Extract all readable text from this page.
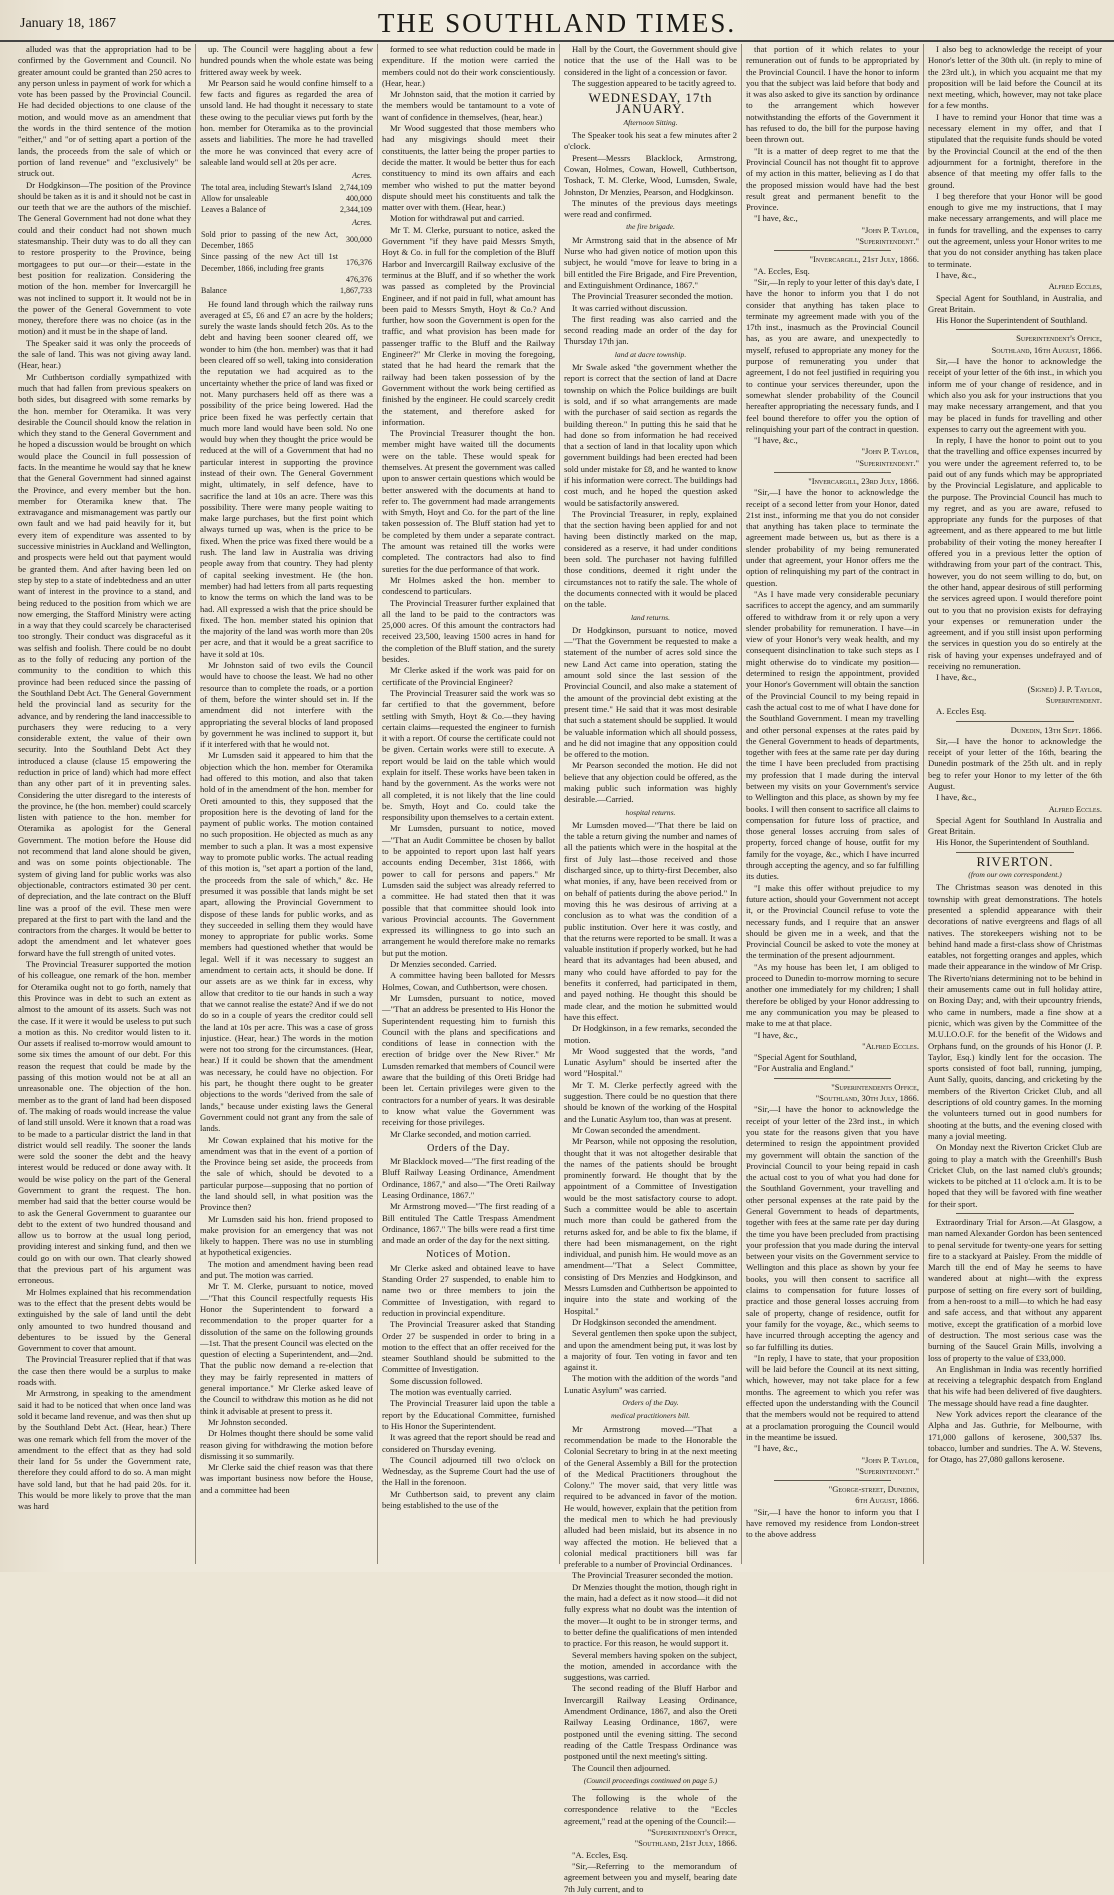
January 18, 1867	THE SOUTHLAND TIMES.

alluded was that the appropriation had to be confirmed by the Government and Council. No greater amount could be granted than 250 acres to any person unless in payment of work for which a vote has been passed by the Provincial Council. He had decided objections to one clause of the motion, and would move as an amendment that the words in the third sentence of the motion "either," and "or of setting apart a portion of the lands, the proceeds from the sale of which or portion of land revenue" and "exclusively" be struck out.

Dr Hodgkinson—The position of the Province should be taken as it is and it should not be cast in our teeth that we are the authors of the mischief. The General Government had not done what they could and their conduct had not shown much statesmanship. Their duty was to do all they can to restore prosperity to the Province, being mortgagees to put our—or their—estate in the best position for realization. Considering the motion of the hon. member for Invercargill he was not inclined to support it. It would not be in the power of the General Government to vote money, therefore there was no choice (as in the motion) and it must be in the shape of land.

The Speaker said it was only the proceeds of the sale of land. This was not giving away land. (Hear, hear.)

Mr Cuthbertson cordially sympathized with much that had fallen from previous speakers on both sides, but disagreed with some remarks by the hon. member for Oteramika. It was very desirable the Council should know the relation in which they stand to the General Government and he hoped a discussion would be brought on which would place the Council in full possession of facts. In the meantime he would say that he knew that the General Government had sinned against the Province, and every member but the hon. member for Oteramika knew that. The extravagance and mismanagement was partly our own fault and we had paid heavily for it, but every item of expenditure was assented to by successive ministries in Auckland and Wellington, and prospects were held out that payment would be granted them. And after having been led on step by step to a state of indebtedness and an utter want of interest in the province to a stand, and being reduced to the position from which we are now emerging, the Stafford Ministry were acting in a way that they could scarcely be characterised too strongly. Their conduct was disgraceful as it was selfish and foolish. There could be no doubt as to the folly of reducing any portion of the community to the condition to which this province had been reduced since the passing of the Southland Debt Act. The General Government held the provincial land as security for the advance, and by rendering the land inaccessible to purchasers they were reducing to a very considerable extent, the value of their own security. Into the Southland Debt Act they introduced a clause (clause 15 empowering the reduction in price of land) which had more effect than any other part of it in preventing sales. Considering the utter disregard to the interests of the province, he (the hon. member) could scarcely listen with patience to the hon. member for Oteramika as apologist for the General Government. The motion before the House did not recommend that land alone should be given, and was on some points objectionable. The system of giving land for public works was also objectionable, contractors estimated 30 per cent. of depreciation, and the late contract on the Bluff line was a proof of the evil. These men were prepared at the first to part with the land and the contractors from the charges. It would be better to adopt the amendment and let whatever goes forward have the full strength of united votes.

The Provincial Treasurer supported the motion of his colleague, one remark of the hon. member for Oteramika ought not to go forth, namely that this Province was in debt to such an extent as almost to the amount of its assets. Such was not the case. If it were it would be useless to put such a motion as this. No creditor would listen to it. Our assets if realised to-morrow would amount to some six times the amount of our debt. For this reason the request that could be made by the passing of this motion would not be at all an unreasonable one. The objection of the hon. member as to the grant of land had been disposed of. The making of roads would increase the value of land still unsold. Were it known that a road was to be made to a particular district the land in that district would sell readily. The sooner the lands were sold the sooner the debt and the heavy interest would be reduced or done away with. It would be wise policy on the part of the General Government to grant the request. The hon. member had said that the better course would be to ask the General Government to guarantee our debt to the extent of two hundred thousand and allow us to borrow at the usual long period, providing interest and sinking fund, and then we could go on with our own. That clearly showed that the previous part of his argument was erroneous.

Mr Holmes explained that his recommendation was to the effect that the present debts would be extinguished by the sale of land until the debt only amounted to two hundred thousand and debentures to be issued by the General Government to cover that amount.

The Provincial Treasurer replied that if that was the case then there would be a surplus to make roads with.

Mr Armstrong, in speaking to the amendment said it had to be noticed that when once land was sold it became land revenue, and was then shut up by the Southland Debt Act. (Hear, hear.) There was one remark which fell from the mover of the amendment to the effect that as they had sold their land for 5s under the Government rate, therefore they could afford to do so. A man might have sold land, but that he had paid 20s. for it. This would be more likely to prove that the man was hard

up. The Council were haggling about a few hundred pounds when the whole estate was being frittered away week by week.

Mr Pearson said he would confine himself to a few facts and figures as regarded the area of unsold land. He had thought it necessary to state these owing to the peculiar views put forth by the hon. member for Oteramika as to the provincial assets and liabilities. The more he had travelled the more he was convinced that every acre of saleable land would sell at 20s per acre.

	Acres.
The total area, including Stewart's Island	2,744,109
Allow for unsaleable	400,000
Leaves a Balance of	2,344,109
	Acres.
Sold prior to passing of the new Act, December, 1865	300,000
Since passing of the new Act till 1st December, 1866, including free grants	176,376
	476,376
Balance	1,867,733

He found land through which the railway runs averaged at £5, £6 and £7 an acre by the holders; surely the waste lands should fetch 20s. As to the debt and having been sooner cleared off, we wonder to him (the hon. member) was that it had been cleared off so well, taking into consideration the reputation we had acquired as to the uncertainty whether the price of land was fixed or not. Many purchasers held off as there was a possibility of the price being lowered. Had the price been fixed he was perfectly certain that much more land would have been sold. No one would buy when they thought the price would be reduced at the will of a Government that had no particular interest in supporting the province instead of their own. The General Government might, ultimately, in self defence, have to sacrifice the land at 10s an acre. There was this possibility. There were many people waiting to make large purchases, but the first point which always turned up was, when is the price to be fixed. When the price was fixed there would be a rush. The land law in Australia was driving people away from that country. They had plenty of capital seeking investment. He (the hon. member) had had letters from all parts requesting to know the terms on which the land was to be had. All expressed a wish that the price should be fixed. The hon. member stated his opinion that the majority of the land was worth more than 20s per acre, and that it would be a great sacrifice to have it sold at 10s.

Mr Johnston said of two evils the Council would have to choose the least. We had no other resource than to complete the roads, or a portion of them, before the winter should set in. If the amendment did not interfere with the appropriating the several blocks of land proposed by government he was inclined to support it, but if it interfered with that he would not.

Mr Lumsden said it appeared to him that the objection which the hon. member for Oteramika had offered to this motion, and also that taken hold of in the amendment of the hon. member for Oreti amounted to this, they supposed that the proposition here is the devoting of land for the payment of public works. The motion contained no such proposition. He objected as much as any member to such a plan. It was a most expensive way to promote public works. The actual reading of this motion is, "set apart a portion of the land, the proceeds from the sale of which," &c. He presumed it was possible that lands might be set apart, allowing the Provincial Government to dispose of these lands for public works, and as they succeeded in selling them they would have money to appropriate for public works. Some members had questioned whether that would be legal. Well if it was necessary to suggest an amendment to certain acts, it should be done. If our assets are as we think far in excess, why allow that creditor to tie our hands in such a way that we cannot realise the estate? And if we do not do so in a couple of years the creditor could sell the land at 10s per acre. This was a case of gross injustice. (Hear, hear.) The words in the motion were not too strong for the circumstances. (Hear, hear.) If it could be shown that the amendment was necessary, he could have no objection. For his part, he thought there ought to be greater objections to the words "derived from the sale of lands," because under existing laws the General Government could not grant any from the sale of lands.

Mr Cowan explained that his motive for the amendment was that in the event of a portion of the Province being set aside, the proceeds from the sale of which, should be devoted to a particular purpose—supposing that no portion of the land should sell, in what position was the Province then?

Mr Lumsden said his hon. friend proposed to make provision for an emergency that was not likely to happen. There was no use in stumbling at hypothetical exigencies.

The motion and amendment having been read and put. The motion was carried.

Mr T. M. Clerke, pursuant to notice, moved—"That this Council respectfully requests His Honor the Superintendent to forward a recommendation to the proper quarter for a dissolution of the same on the following grounds—1st. That the present Council was elected on the question of electing a Superintendent, and—2nd. That the public now demand a re-election that they may be fairly represented in matters of general importance." Mr Clerke asked leave of the Council to withdraw this motion as he did not think it advisable at present to press it.

Mr Johnston seconded.

Dr Holmes thought there should be some valid reason giving for withdrawing the motion before dismissing it so summarily.

Mr Clerke said the chief reason was that there was important business now before the House, and a committee had been

formed to see what reduction could be made in expenditure. If the motion were carried the members could not do their work conscientiously. (Hear, hear.)

Mr Johnston said, that the motion it carried by the members would be tantamount to a vote of want of confidence in themselves, (hear, hear.)

Mr Wood suggested that those members who had any misgivings should meet their constituents, the latter being the proper parties to decide the matter. It would be better thus for each constituency to mind its own affairs and each member who wished to put the matter beyond dispute should meet his constituents and talk the matter over with them. (Hear, hear.)

Motion for withdrawal put and carried.

Mr T. M. Clerke, pursuant to notice, asked the Government "if they have paid Messrs Smyth, Hoyt & Co. in full for the completion of the Bluff Harbor and Invercargill Railway exclusive of the terminus at the Bluff, and if so whether the work was passed as completed by the Provincial Engineer, and if not paid in full, what amount has been paid to Messrs Smyth, Hoyt & Co.? And further, how soon the Government is open for the traffic, and what provision has been made for passenger traffic to the Bluff and the Railway Engineer?" Mr Clerke in moving the foregoing, stated that he had heard the remark that the railway had been taken possession of by the Government without the work being certified as finished by the engineer. He could scarcely credit the statement, and therefore asked for information.

The Provincial Treasurer thought the hon. member might have waited till the documents were on the table. These would speak for themselves. At present the government was called upon to answer certain questions which would be better answered with the documents at hand to refer to. The government had made arrangements with Smyth, Hoyt and Co. for the part of the line taken possession of. The Bluff station had yet to be completed by them under a separate contract. The amount was retained till the works were completed. The contractors had also to find sureties for the due performance of that work.

Mr Holmes asked the hon. member to condescend to particulars.

The Provincial Treasurer further explained that all the land to be paid to the contractors was 25,000 acres. Of this amount the contractors had received 23,500, leaving 1500 acres in hand for the completion of the Bluff station, and the surety besides.

Mr Clerke asked if the work was paid for on certificate of the Provincial Engineer?

The Provincial Treasurer said the work was so far certified to that the government, before settling with Smyth, Hoyt & Co.—they having certain claims—requested the engineer to furnish it with a report. Of course the certificate could not be given. Certain works were still to execute. A report would be laid on the table which would explain for itself. These works have been taken in hand by the government. As the works were not all completed, it is not likely that the line could be. Smyth, Hoyt and Co. could take the responsibility upon themselves to a certain extent.

Mr Lumsden, pursuant to notice, moved —"That an Audit Committee be chosen by ballot to be appointed to report upon last half years accounts ending December, 31st 1866, with power to call for persons and papers." Mr Lumsden said the subject was already referred to a committee. He had stated then that it was possible that that committee should look into various Provincial accounts. The Government expressed its willingness to go into such an arrangement he would therefore make no remarks but put the motion.

Dr Menzies seconded. Carried.

A committee having been balloted for Messrs Holmes, Cowan, and Cuthbertson, were chosen.

Mr Lumsden, pursuant to notice, moved —"That an address be presented to His Honor the Superintendent requesting him to furnish this Council with the plans and specifications and conditions of lease in connection with the erection of bridge over the New River." Mr Lumsden remarked that members of Council were aware that the building of this Oreti Bridge had been let. Certain privileges were given to the contractors for a number of years. It was desirable to know what value the Government was receiving for those privileges.

Mr Clarke seconded, and motion carried.

Orders of the Day.

Mr Blacklock moved—"The first reading of the Bluff Railway Leasing Ordinance, Amendment Ordinance, 1867," and also—"The Oreti Railway Leasing Ordinance, 1867."

Mr Armstrong moved—"The first reading of a Bill entituled The Cattle Trespass Amendment Ordinance, 1867." The bills were read a first time and made an order of the day for the next sitting.

Notices of Motion.

Mr Clerke asked and obtained leave to have Standing Order 27 suspended, to enable him to name two or three members to join the Committee of Investigation, with regard to reduction in provincial expenditure.

The Provincial Treasurer asked that Standing Order 27 be suspended in order to bring in a motion to the effect that an offer received for the steamer Southland should be submitted to the Committee of Investigation.

Some discussion followed.

The motion was eventually carried.

The Provincial Treasurer laid upon the table a report by the Educational Committee, furnished to His Honor the Superintendent.

It was agreed that the report should be read and considered on Thursday evening.

The Council adjourned till two o'clock on Wednesday, as the Supreme Court had the use of the Hall in the forenoon.

Mr Cuthbertson said, to prevent any claim being established to the use of the

Hall by the Court, the Government should give notice that the use of the Hall was to be considered in the light of a concession or favor.

The suggestion appeared to be tacitly agreed to.

WEDNESDAY, 17th JANUARY.

Afternoon Sitting.

The Speaker took his seat a few minutes after 2 o'clock.

Present—Messrs Blacklock, Armstrong, Cowan, Holmes, Cowan, Howell, Cuthbertson, Toshack, T. M. Clerke, Wood, Lumsden, Swale, Johnston, Dr Menzies, Pearson, and Hodgkinson.

The minutes of the previous days meetings were read and confirmed.

the fire brigade.

Mr Armstrong said that in the absence of Mr Nurse who had given notice of motion upon this subject, he would "move for leave to bring in a bill entitled the Fire Brigade, and Fire Prevention, and Extinguishment Ordinance, 1867."

The Provincial Treasurer seconded the motion.

It was carried without discussion.

The first reading was also carried and the second reading made an order of the day for Thursday 17th jan.

land at dacre township.

Mr Swale asked "the government whether the report is correct that the section of land at Dacre township on which the Police buildings are built is sold, and if so what arrangements are made with the purchaser of said section as regards the building thereon." In putting this he said that he had done so from information he had received that a section of land in that locality upon which government buildings had been erected had been sold under mistake for £8, and he wanted to know if his information were correct. The buildings had cost much, and he hoped the question asked would be satisfactorily answered.

The Provincial Treasurer, in reply, explained that the section having been applied for and not having been distinctly marked on the map, considered as a reserve, it had under conditions been sold. The purchaser not having fulfilled those conditions, deemed it right under the circumstances not to ratify the sale. The whole of the documents connected with it would be placed on the table.

land returns.

Dr Hodgkinson, pursuant to notice, moved—"That the Government be requested to make a statement of the number of acres sold since the new Land Act came into operation, stating the amount sold since the last session of the Provincial Council, and also make a statement of the amount of the provincial debt existing at the present time." He said that it was most desirable that such a statement should be supplied. It would be valuable information which all should possess, and he did not imagine that any opposition could be offered to the motion.

Mr Pearson seconded the motion. He did not believe that any objection could be offered, as the making public such information was highly desirable.—Carried.

hospital returns.

Mr Lumsden moved—"That there be laid on the table a return giving the number and names of all the patients which were in the hospital at the first of July last—those received and those discharged since, up to thirty-first December, also what monies, if any, have been received from or on behalf of patients during the above period." In moving this he was desirous of arriving at a conclusion as to what was the condition of a public institution. Over here it was costly, and that the returns were reported to be small. It was a valuable institution if properly worked, but he had heard that its advantages had been abused, and many who could have afforded to pay for the benefits it conferred, had participated in them, and payed nothing. He thought this should be made clear, and the motion he submitted would have this effect.

Dr Hodgkinson, in a few remarks, seconded the motion.

Mr Wood suggested that the words, "and Lunatic Asylum" should be inserted after the word "Hospital."

Mr T. M. Clerke perfectly agreed with the suggestion. There could be no question that there should be known of the working of the Hospital and the Lunatic Asylum too, than was at present.

Mr Cowan seconded the amendment.

Mr Pearson, while not opposing the resolution, thought that it was not altogether desirable that the names of the patients should be brought prominently forward. He thought that by the appointment of a Committee of Investigation would be the most satisfactory course to adopt. Such a committee would be able to ascertain much more than could be gathered from the returns asked for, and be able to fix the blame, if there had been mismanagement, on the right individual, and punish him. He would move as an amendment—"That a Select Committee, consisting of Drs Menzies and Hodgkinson, and Messrs Lumsden and Cuthbertson be appointed to inquire into the state and working of the Hospital."

Dr Hodgkinson seconded the amendment.

Several gentlemen then spoke upon the subject, and upon the amendment being put, it was lost by a majority of four. Ten voting in favor and ten against it.

The motion with the addition of the words "and Lunatic Asylum" was carried.

Orders of the Day.

medical practitioners bill.

Mr Armstrong moved—"That a recommendation be made to the Honorable the Colonial Secretary to bring in at the next meeting of the General Assembly a Bill for the protection of the Medical Practitioners throughout the Colony." The mover said, that very little was required to be advanced in favor of the motion. He would, however, explain that the petition from the medical men to which he had previously alluded had been mislaid, but its absence in no way affected the motion. He believed that a colonial medical practitioners bill was far preferable to a number of Provincial Ordinances.

The Provincial Treasurer seconded the motion.

Dr Menzies thought the motion, though right in the main, had a defect as it now stood—it did not fully express what no doubt was the intention of the mover—It ought to be in stronger terms, and to better define the qualifications of men intended to practice. For this reason, he would support it.

Several members having spoken on the subject, the motion, amended in accordance with the suggestions, was carried.

The second reading of the Bluff Harbor and Invercargill Railway Leasing Ordinance, Amendment Ordinance, 1867, and also the Oreti Railway Leasing Ordinance, 1867, were postponed until the evening sitting. The second reading of the Cattle Trespass Ordinance was postponed until the next meeting's sitting.

The Council then adjourned.

(Council proceedings continued on page 5.)

The following is the whole of the correspondence relative to the "Eccles agreement," read at the opening of the Council:—

"Superintendent's Office,

"Southland, 21st July, 1866.

"A. Eccles, Esq.

"Sir,—Referring to the memorandum of agreement between you and myself, bearing date 7th July current, and to

that portion of it which relates to your remuneration out of funds to be appropriated by the Provincial Council. I have the honor to inform you that the subject was laid before that body and it was also asked to give its sanction by ordinance to the arrangement which however notwithstanding the efforts of the Government it has refused to do, the bill for the purpose having been thrown out.

"It is a matter of deep regret to me that the Provincial Council has not thought fit to approve of my action in this matter, believing as I do that the proposed mission would have had the best result great and permanent benefit to the Province.

"I have, &c.,

"John P. Taylor,

"Superintendent."

"Invercargill, 21st July, 1866.

"A. Eccles, Esq.

"Sir,—In reply to your letter of this day's date, I have the honor to inform you that I do not consider that anything has taken place to terminate my agreement made with you of the 17th inst., inasmuch as the Provincial Council has, as you are aware, and unexpectedly to myself, refused to appropriate any money for the purpose of remunerating you under that agreement, I do not feel justified in requiring you to continue your services thereunder, upon the somewhat slender probability of the Council hereafter appropriating the necessary funds, and I feel bound therefore to offer you the option of relinquishing your part of the contract in question.

"I have, &c.,

"John P. Taylor,

"Superintendent."

"Invercargill, 23rd July, 1866.

"Sir,—I have the honor to acknowledge the receipt of a second letter from your Honor, dated 21st inst., informing me that you do not consider that anything has taken place to terminate the agreement made between us, but as there is a slender probability of my being remunerated under that agreement, your Honor offers me the option of relinquishing my part of the contract in question.

"As I have made very considerable pecuniary sacrifices to accept the agency, and am summarily offered to withdraw from it or rely upon a very slender probability for remuneration. I have—in view of your Honor's very weak health, and my consequent disinclination to take such steps as I might otherwise do to vindicate my position—determined to resign the appointment, provided your Honor's Government will obtain the sanction of the Provincial Council to my being repaid in cash the actual cost to me of what I have done for the Southland Government. I mean my travelling and other personal expenses at the rates paid by the General Government to heads of departments, together with fees at the same rate per day during the time I have been precluded from practising my profession that I made during the interval between my visits on your Government's service to Wellington and this place, as shown by my fee books. I will then consent to sacrifice all claims to compensation for future loss of practice, and those general losses accruing from sales of property, forced change of house, outfit for my family for the voyage, &c., which I have incurred through accepting the agency, and so far fulfilling its duties.

"I make this offer without prejudice to my future action, should your Government not accept it, or the Provincial Council refuse to vote the necessary funds, and I require that an answer should be given me in a week, and that the Provincial Council be asked to vote the money at the termination of the present adjournment.

"As my house has been let, I am obliged to proceed to Dunedin to-morrow morning to secure another one immediately for my children; I shall therefore be obliged by your Honor addressing to me any communication you may be pleased to make to me at that place.

"I have, &c.,

"Alfred Eccles.

"Special Agent for Southland,

"For Australia and England."

"Superintendents Office,

"Southland, 30th July, 1866.

"Sir,—I have the honor to acknowledge the receipt of your letter of the 23rd inst., in which you state for the reasons given that you have determined to resign the appointment provided my government will obtain the sanction of the Provincial Council to your being repaid in cash the actual cost to you of what you had done for the Southland Government, your travelling and other personal expenses at the rate paid by the General Government to heads of departments, together with fees at the same rate per day during the time you have been precluded from practising your profession that you made during the interval between your visits on the Government service to Wellington and this place as shown by your fee books, you will then consent to sacrifice all claims to compensation for future losses of practice and those general losses accruing from sale of property, change of residence, outfit for your family for the voyage, &c., which seems to have incurred through accepting the agency and so far fulfilling its duties.

"In reply, I have to state, that your proposition will be laid before the Council at its next sitting, which, however, may not take place for a few months. The agreement to which you refer was effected upon the understanding with the Council that the members would not be required to attend at a proclamation proroguing the Council would in the meantime be issued.

"I have, &c.,

"John P. Taylor,

"Superintendent."

"George-street, Dunedin,

6th August, 1866.

"Sir,—I have the honor to inform you that I have removed my residence from London-street to the above address

I also beg to acknowledge the receipt of your Honor's letter of the 30th ult. (in reply to mine of the 23rd ult.), in which you acquaint me that my proposition will be laid before the Council at its next meeting, which, however, may not take place for a few months.

I have to remind your Honor that time was a necessary element in my offer, and that I stipulated that the requisite funds should be voted by the Provincial Council at the end of the then adjournment for a fortnight, therefore in the absence of that meeting my offer falls to the ground.

I beg therefore that your Honor will be good enough to give me my instructions, that I may make necessary arrangements, and will place me in funds for travelling, and the expenses to carry out the agreement, unless your Honor writes to me that you do not consider anything has taken place to terminate.

I have, &c.,

Alfred Eccles,

Special Agent for Southland, in Australia, and Great Britain.

His Honor the Superintendent of Southland.

Superintendent's Office,

Southland, 16th August, 1866.

Sir,—I have the honor to acknowledge the receipt of your letter of the 6th inst., in which you inform me of your change of residence, and in which also you ask for your instructions that you may make necessary arrangement, and that you may be placed in funds for travelling and other expenses to carry out the agreement with you.

In reply, I have the honor to point out to you that the travelling and office expenses incurred by you were under the agreement referred to, to be paid out of any funds which may be appropriated by the Provincial Legislature, and applicable to the purpose. The Provincial Council has much to my regret, and as you are aware, refused to appropriate any funds for the purposes of that agreement, and as there appeared to me but little probability of their voting the money hereafter I offered you in a previous letter the option of withdrawing from your part of the contract. This, however, you do not seem willing to do, but, on the other hand, appear desirous of still performing the services agreed upon. I would therefore point out to you that no provision exists for defraying your expenses or remuneration under the agreement, and if you still insist upon performing the services in question you do so entirely at the risk of having your expenses undefrayed and of receiving no remuneration.

I have, &c.,

(Signed) J. P. Taylor,

Superintendent.

A. Eccles Esq.

Dunedin, 13th Sept. 1866.

Sir,—I have the honor to acknowledge the receipt of your letter of the 16th, bearing the Dunedin postmark of the 25th ult. and in reply beg to refer your Honor to my letter of the 6th August.

I have, &c.,

Alfred Eccles.

Special Agent for Southland In Australia and Great Britain.

His Honor, the Superintendent of Southland.

RIVERTON.

(from our own correspondent.)

The Christmas season was denoted in this township with great demonstrations. The hotels presented a splendid appearance with their decorations of native evergreens and flags of all natives. The storekeepers wishing not to be behind hand made a first-class show of Christmas eatables, not forgetting oranges and apples, which made their appearance in the window of Mr Crisp. The Riverto'nians determining not to be behind in their amusements came out in full holiday attire, on Boxing Day; and, with their upcountry friends, who came in numbers, made a fine show at a picnic, which was given by the Committee of the M.U.I.O.O.F. for the benefit of the Widows and Orphans fund, on the grounds of his Honor (J. P. Taylor, Esq.) kindly lent for the occasion. The sports consisted of foot ball, running, jumping, Aunt Sally, quoits, dancing, and cricketing by the members of the Riverton Cricket Club, and all descriptions of old country games. In the morning the volunteers turned out in good numbers for shooting at the butts, and the evening closed with many a jovial meeting.

On Monday next the Riverton Cricket Club are going to play a match with the Greenhill's Bush Cricket Club, on the last named club's grounds; wickets to be pitched at 11 o'clock a.m. It is to be hoped that they will be favored with fine weather for their sport.

Extraordinary Trial for Arson.—At Glasgow, a man named Alexander Gordon has been sentenced to penal servitude for twenty-one years for setting fire to a stackyard at Paisley. From the middle of March till the end of May he seems to have wandered about at night—with the express purpose of setting on fire every sort of building, from a hen-roost to a mill—to which he had easy and safe access, and that without any apparent motive, except the gratification of a morbid love of destruction. The most serious case was the burning of the Saucel Grain Mills, involving a loss of property to the value of £33,000.

An Englishman in India was recently horrified at receiving a telegraphic despatch from England that his wife had been delivered of five daughters. The message should have read a fine daughter.

New York advices report the clearance of the Alpha and Jas. Guthrie, for Melbourne, with 171,000 gallons of kerosene, 300,537 lbs. tobacco, lumber and sundries. The A. W. Stevens, for Otago, has 27,080 gallons kerosene.
